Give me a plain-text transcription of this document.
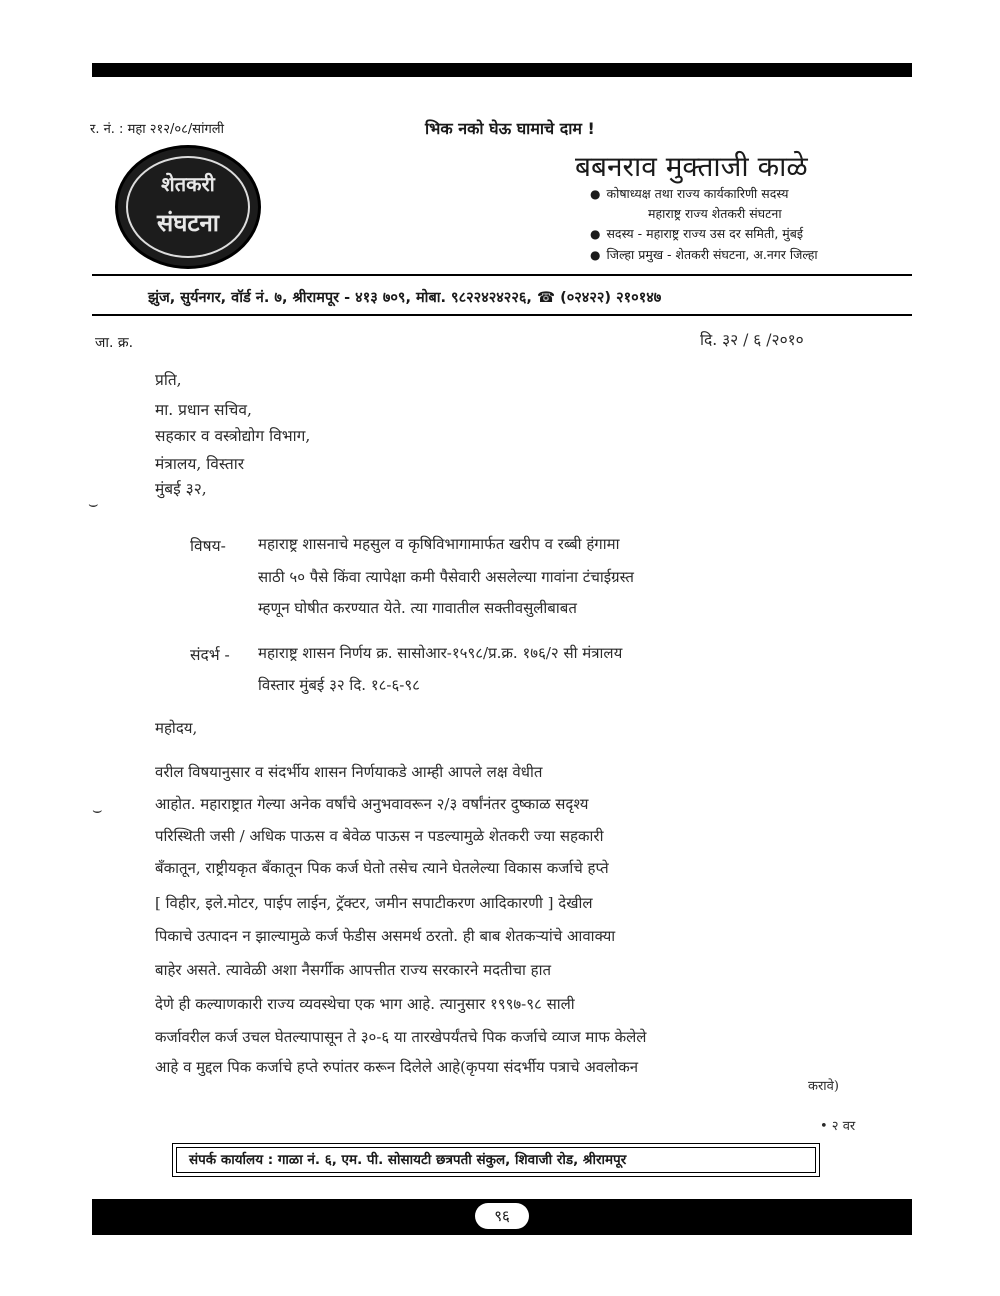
र. नं. : महा २१२/०८/सांगली	भिक नको घेऊ घामाचे दाम !
शेतकरी
संघटना
बबनराव मुक्ताजी काळे
● कोषाध्यक्ष तथा राज्य कार्यकारिणी सदस्य
महाराष्ट्र राज्य शेतकरी संघटना
● सदस्य - महाराष्ट्र राज्य उस दर समिती, मुंबई
● जिल्हा प्रमुख - शेतकरी संघटना, अ.नगर जिल्हा
झुंज, सुर्यनगर, वॉर्ड नं. ७, श्रीरामपूर - ४१३ ७०९, मोबा. ९८२२४२४२२६, ☎ (०२४२२) २१०१४७
जा. क्र.	दि. ३२ / ६ /२०१०
प्रति,
मा. प्रधान सचिव,
सहकार व वस्त्रोद्योग विभाग,
मंत्रालय, विस्तार
मुंबई ३२,
⌣
विषय- महाराष्ट्र शासनाचे महसुल व कृषिविभागामार्फत खरीप व रब्बी हंगामा
साठी ५० पैसे किंवा त्यापेक्षा कमी पैसेवारी असलेल्या गावांना टंचाईग्रस्त
म्हणून घोषीत करण्यात येते. त्या गावातील सक्तीवसुलीबाबत
संदर्भ - महाराष्ट्र शासन निर्णय क्र. सासोआर-१५९८/प्र.क्र. १७६/२ सी मंत्रालय
विस्तार मुंबई ३२ दि. १८-६-९८
महोदय,
वरील विषयानुसार व संदर्भीय शासन निर्णयाकडे आम्ही आपले लक्ष वेधीत
आहोत. महाराष्ट्रात गेल्या अनेक वर्षांचे अनुभवावरून २/३ वर्षांनंतर दुष्काळ सदृश्य
⌣
परिस्थिती जसी / अधिक पाऊस व बेवेळ पाऊस न पडल्यामुळे शेतकरी ज्या सहकारी
बँकातून, राष्ट्रीयकृत बँकातून पिक कर्ज घेतो तसेच त्याने घेतलेल्या विकास कर्जाचे हप्ते
[ विहीर, इले.मोटर, पाईप लाईन, ट्रॅक्टर, जमीन सपाटीकरण आदिकारणी ] देखील
पिकाचे उत्पादन न झाल्यामुळे कर्ज फेडीस असमर्थ ठरतो. ही बाब शेतकऱ्यांचे आवाक्या
बाहेर असते. त्यावेळी अशा नैसर्गीक आपत्तीत राज्य सरकारने मदतीचा हात
देणे ही कल्याणकारी राज्य व्यवस्थेचा एक भाग आहे. त्यानुसार १९९७-९८ साली
कर्जावरील कर्ज उचल घेतल्यापासून ते ३०-६ या तारखेपर्यंतचे पिक कर्जाचे व्याज माफ केलेले
आहे व मुद्दल पिक कर्जाचे हप्ते रुपांतर करून दिलेले आहे(कृपया संदर्भीय पत्राचे अवलोकन
करावे)
• २ वर
संपर्क कार्यालय : गाळा नं. ६, एम. पी. सोसायटी छत्रपती संकुल, शिवाजी रोड, श्रीरामपूर
९६
